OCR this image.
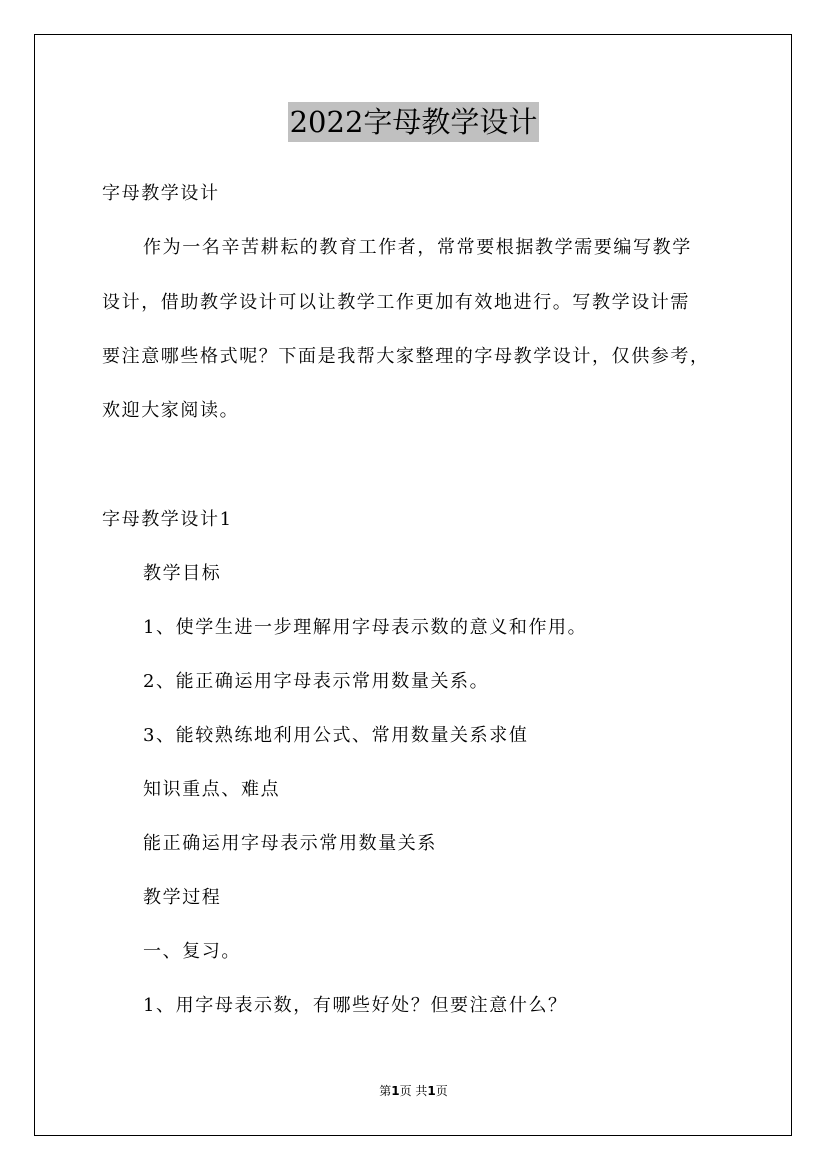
2022字母教学设计
字母教学设计
作为一名辛苦耕耘的教育工作者，常常要根据教学需要编写教学
设计，借助教学设计可以让教学工作更加有效地进行。写教学设计需
要注意哪些格式呢？下面是我帮大家整理的字母教学设计，仅供参考，
欢迎大家阅读。
字母教学设计1
教学目标
1、使学生进一步理解用字母表示数的意义和作用。
2、能正确运用字母表示常用数量关系。
3、能较熟练地利用公式、常用数量关系求值
知识重点、难点
能正确运用字母表示常用数量关系
教学过程
一、复习。
1、用字母表示数，有哪些好处？但要注意什么？
第1页 共1页
